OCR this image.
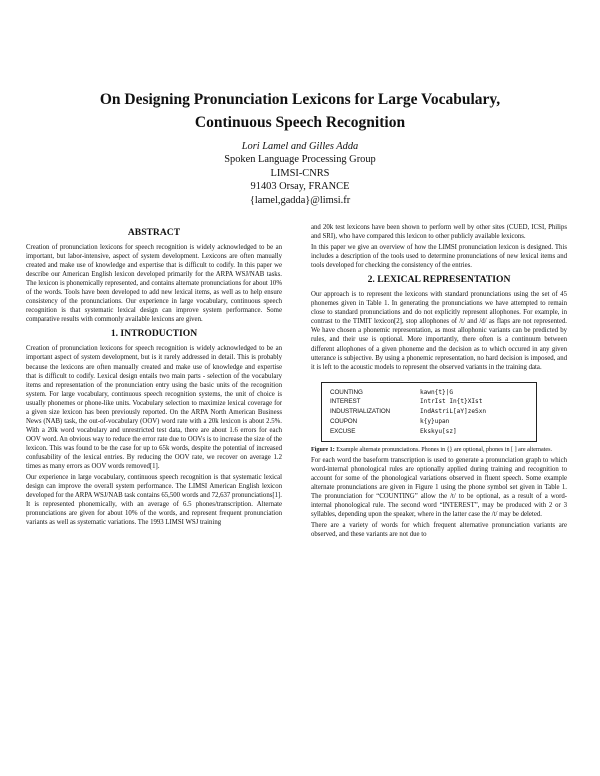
On Designing Pronunciation Lexicons for Large Vocabulary,
Continuous Speech Recognition
Lori Lamel and Gilles Adda
Spoken Language Processing Group
LIMSI-CNRS
91403 Orsay, FRANCE
{lamel,gadda}@limsi.fr
ABSTRACT

Creation of pronunciation lexicons for speech recognition is widely acknowledged to be an important, but labor-intensive, aspect of system development. Lexicons are often manually created and make use of knowledge and expertise that is difficult to codify. In this paper we describe our American English lexicon developed primarily for the ARPA WSJ/NAB tasks. The lexicon is phonemically represented, and contains alternate pronunciations for about 10% of the words. Tools have been developed to add new lexical items, as well as to help ensure consistency of the pronunciations. Our experience in large vocabulary, continuous speech recognition is that systematic lexical design can improve system performance. Some comparative results with commonly available lexicons are given.

1. INTRODUCTION

Creation of pronunciation lexicons for speech recognition is widely acknowledged to be an important aspect of system development, but is it rarely addressed in detail. This is probably because the lexicons are often manually created and make use of knowledge and expertise that is difficult to codify. Lexical design entails two main parts - selection of the vocabulary items and representation of the pronunciation entry using the basic units of the recognition system. For large vocabulary, continuous speech recognition systems, the unit of choice is usually phonemes or phone-like units. Vocabulary selection to maximize lexical coverage for a given size lexicon has been previously reported. On the ARPA North American Business News (NAB) task, the out-of-vocabulary (OOV) word rate with a 20k lexicon is about 2.5%. With a 20k word vocabulary and unrestricted test data, there are about 1.6 errors for each OOV word. An obvious way to reduce the error rate due to OOVs is to increase the size of the lexicon. This was found to be the case for up to 65k words, despite the potential of increased confusability of the lexical entries. By reducing the OOV rate, we recover on average 1.2 times as many errors as OOV words removed[1].

Our experience in large vocabulary, continuous speech recognition is that systematic lexical design can improve the overall system performance. The LIMSI American English lexicon developed for the ARPA WSJ/NAB task contains 65,500 words and 72,637 pronunciations[1]. It is represented phonemically, with an average of 6.5 phones/transcription. Alternate pronunciations are given for about 10% of the words, and represent frequent pronunciation variants as well as systematic variations. The 1993 LIMSI WSJ training

and 20k test lexicons have been shown to perform well by other sites (CUED, ICSI, Philips and SRI), who have compared this lexicon to other publicly available lexicons.

In this paper we give an overview of how the LIMSI pronunciation lexicon is designed. This includes a description of the tools used to determine pronunciations of new lexical items and tools developed for checking the consistency of the entries.

2. LEXICAL REPRESENTATION

Our approach is to represent the lexicons with standard pronunciations using the set of 45 phonemes given in Table 1. In generating the pronunciations we have attempted to remain close to standard pronunciations and do not explicitly represent allophones. For example, in contrast to the TIMIT lexicon[2], stop allophones of /t/ and /d/ as flaps are not represented. We have chosen a phonemic representation, as most allophonic variants can be predicted by rules, and their use is optional. More importantly, there often is a continuum between different allophones of a given phoneme and the decision as to which occured in any given utterance is subjective. By using a phonemic representation, no hard decision is imposed, and it is left to the acoustic models to represent the observed variants in the training data.

COUNTING	kawn{t}|G
INTEREST	IntrIst In{t}XIst
INDUSTRIALIZATION	IndAstriL[aY]zeSxn
COUPON	k{y}upan
EXCUSE	Ekskyu[sz]

Figure 1: Example alternate pronunciations. Phones in {} are optional, phones in [ ] are alternates.

For each word the baseform transcription is used to generate a pronunciation graph to which word-internal phonological rules are optionally applied during training and recognition to account for some of the phonological variations observed in fluent speech. Some example alternate pronunciations are given in Figure 1 using the phone symbol set given in Table 1. The pronunciation for “COUNTING” allow the /t/ to be optional, as a result of a word-internal phonological rule. The second word “INTEREST”, may be produced with 2 or 3 syllables, depending upon the speaker, where in the latter case the /t/ may be deleted.

There are a variety of words for which frequent alternative pronunciation variants are observed, and these variants are not due to
